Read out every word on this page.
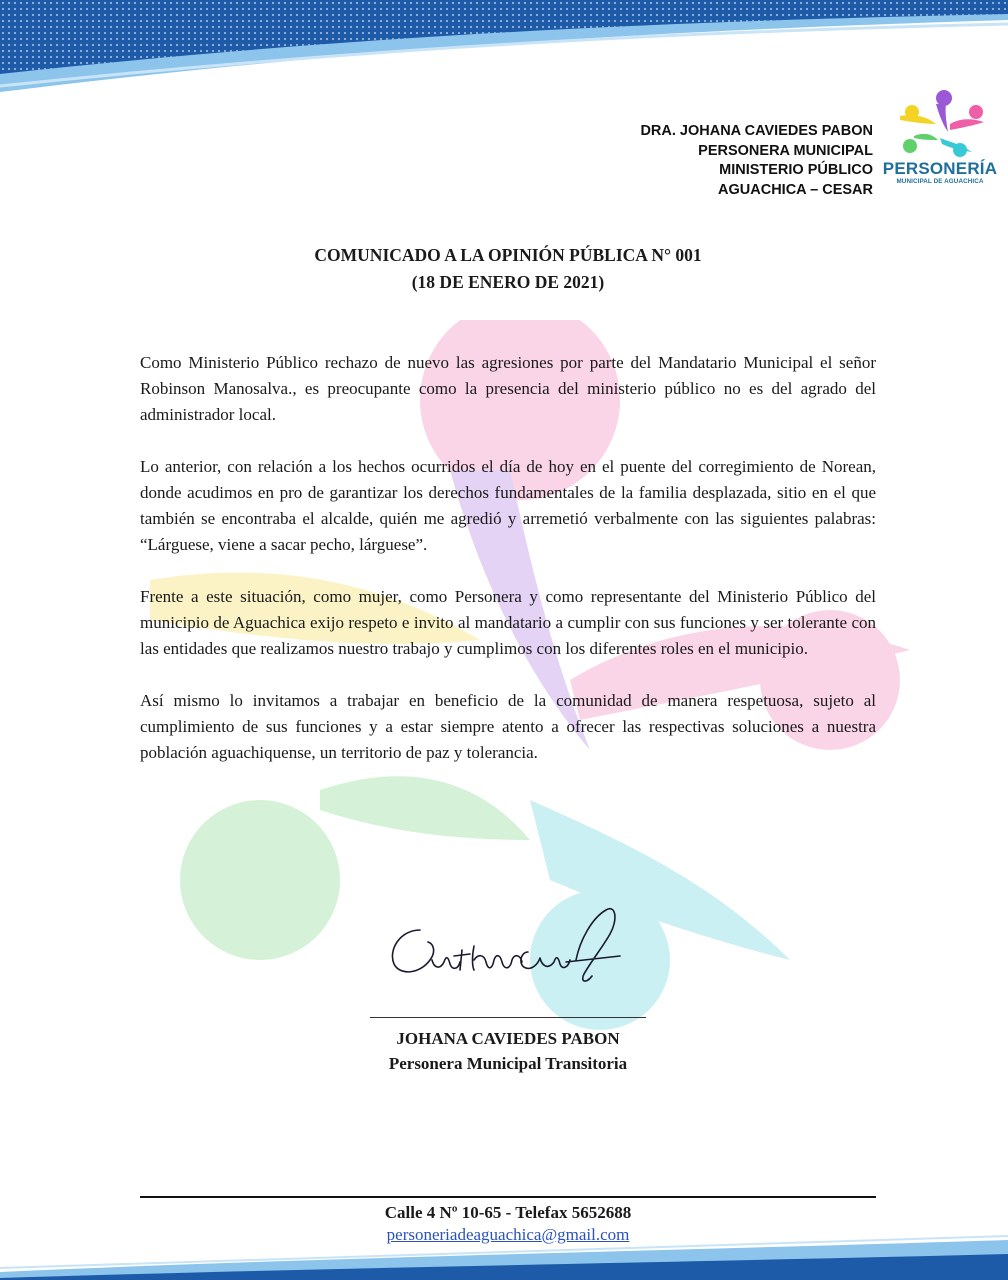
DRA. JOHANA CAVIEDES PABON
PERSONERA MUNICIPAL
MINISTERIO PÚBLICO
AGUACHICA – CESAR
PERSONERÍA
MUNICIPAL DE AGUACHICA
COMUNICADO A LA OPINIÓN PÚBLICA N° 001
(18 DE ENERO DE 2021)

Como Ministerio Público rechazo de nuevo las agresiones por parte del Mandatario Municipal el señor Robinson Manosalva., es preocupante como la presencia del ministerio público no es del agrado del administrador local.

Lo anterior, con relación a los hechos ocurridos el día de hoy en el puente del corregimiento de Norean, donde acudimos en pro de garantizar los derechos fundamentales de la familia desplazada, sitio en el que también se encontraba el alcalde, quién me agredió y arremetió verbalmente con las siguientes palabras: “Lárguese, viene a sacar pecho, lárguese”.

Frente a este situación, como mujer, como Personera y como representante del Ministerio Público del municipio de Aguachica exijo respeto e invito al mandatario a cumplir con sus funciones y ser tolerante con las entidades que realizamos nuestro trabajo y cumplimos con los diferentes roles en el municipio.

Así mismo lo invitamos a trabajar en beneficio de la comunidad de manera respetuosa, sujeto al cumplimiento de sus funciones y a estar siempre atento a ofrecer las respectivas soluciones a nuestra población aguachiquense, un territorio de paz y tolerancia.

JOHANA CAVIEDES PABON
Personera Municipal Transitoria
Calle 4 Nº 10-65 - Telefax 5652688
personeriadeaguachica@gmail.com
